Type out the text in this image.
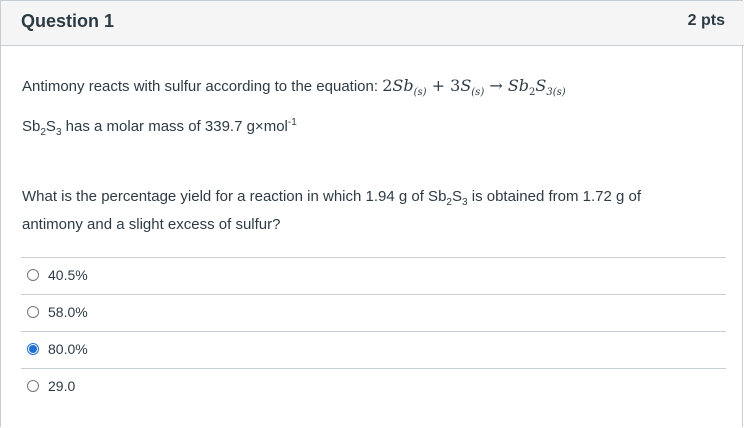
Question 1	2 pts
Antimony reacts with sulfur according to the equation: $2Sb_{(s)} + 3S_{(s)} \to Sb_2S_{3(s)}$
$Sb_2S_3$ has a molar mass of 339.7 g×mol$^{-1}$
What is the percentage yield for a reaction in which 1.94 g of $Sb_2S_3$ is obtained from 1.72 g of antimony and a slight excess of sulfur?
40.5%
58.0%
80.0%
29.0
